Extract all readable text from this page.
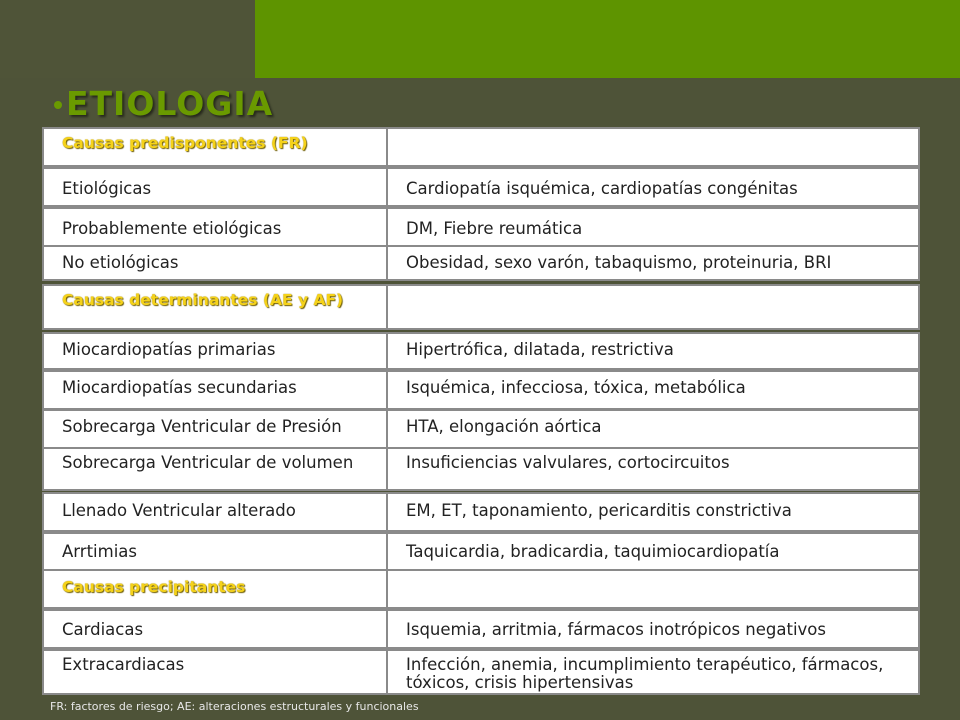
ETIOLOGIA
Causas predisponentes (FR)
Etiológicas	Cardiopatía isquémica, cardiopatías congénitas
Probablemente etiológicas	DM, Fiebre reumática
No etiológicas	Obesidad, sexo varón, tabaquismo, proteinuria, BRI
Causas determinantes (AE y AF)
Miocardiopatías primarias	Hipertrófica, dilatada, restrictiva
Miocardiopatías secundarias	Isquémica, infecciosa, tóxica, metabólica
Sobrecarga Ventricular de Presión	HTA, elongación aórtica
Sobrecarga Ventricular de volumen	Insuficiencias valvulares, cortocircuitos
Llenado Ventricular alterado	EM, ET, taponamiento, pericarditis constrictiva
Arrtimias	Taquicardia, bradicardia, taquimiocardiopatía
Causas precipitantes
Cardiacas	Isquemia, arritmia, fármacos inotrópicos negativos
Extracardiacas	Infección, anemia, incumplimiento terapéutico, fármacos, tóxicos, crisis hipertensivas
FR: factores de riesgo; AE: alteraciones estructurales y funcionales
